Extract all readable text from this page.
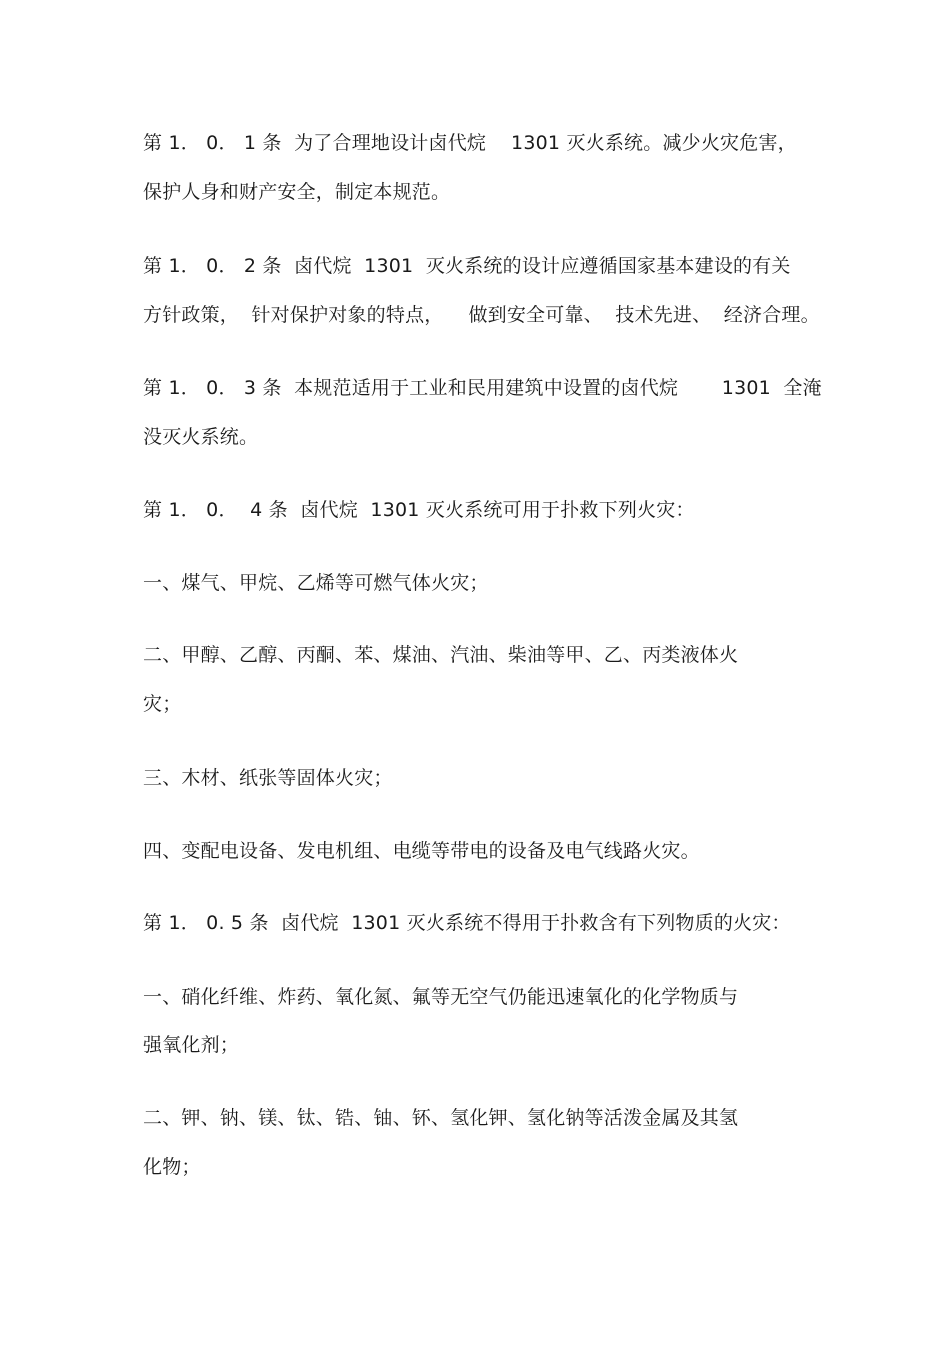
第 1． 0． 1 条  为了合理地设计卤代烷    1301 灭火系统。减少火灾危害，
保护人身和财产安全，制定本规范。
第 1． 0． 2 条  卤代烷  1301  灭火系统的设计应遵循国家基本建设的有关
方针政策，  针对保护对象的特点，    做到安全可靠、  技术先进、  经济合理。
第 1． 0． 3 条  本规范适用于工业和民用建筑中设置的卤代烷       1301  全淹
没灭火系统。
第 1． 0．  4 条  卤代烷  1301 灭火系统可用于扑救下列火灾：
一、煤气、甲烷、乙烯等可燃气体火灾；
二、甲醇、乙醇、丙酮、苯、煤油、汽油、柴油等甲、乙、丙类液体火
灾；
三、木材、纸张等固体火灾；
四、变配电设备、发电机组、电缆等带电的设备及电气线路火灾。
第 1． 0. 5 条  卤代烷  1301 灭火系统不得用于扑救含有下列物质的火灾：
一、硝化纤维、炸药、氧化氮、氟等无空气仍能迅速氧化的化学物质与
强氧化剂；
二、钾、钠、镁、钛、锆、铀、钚、氢化钾、氢化钠等活泼金属及其氢
化物；
